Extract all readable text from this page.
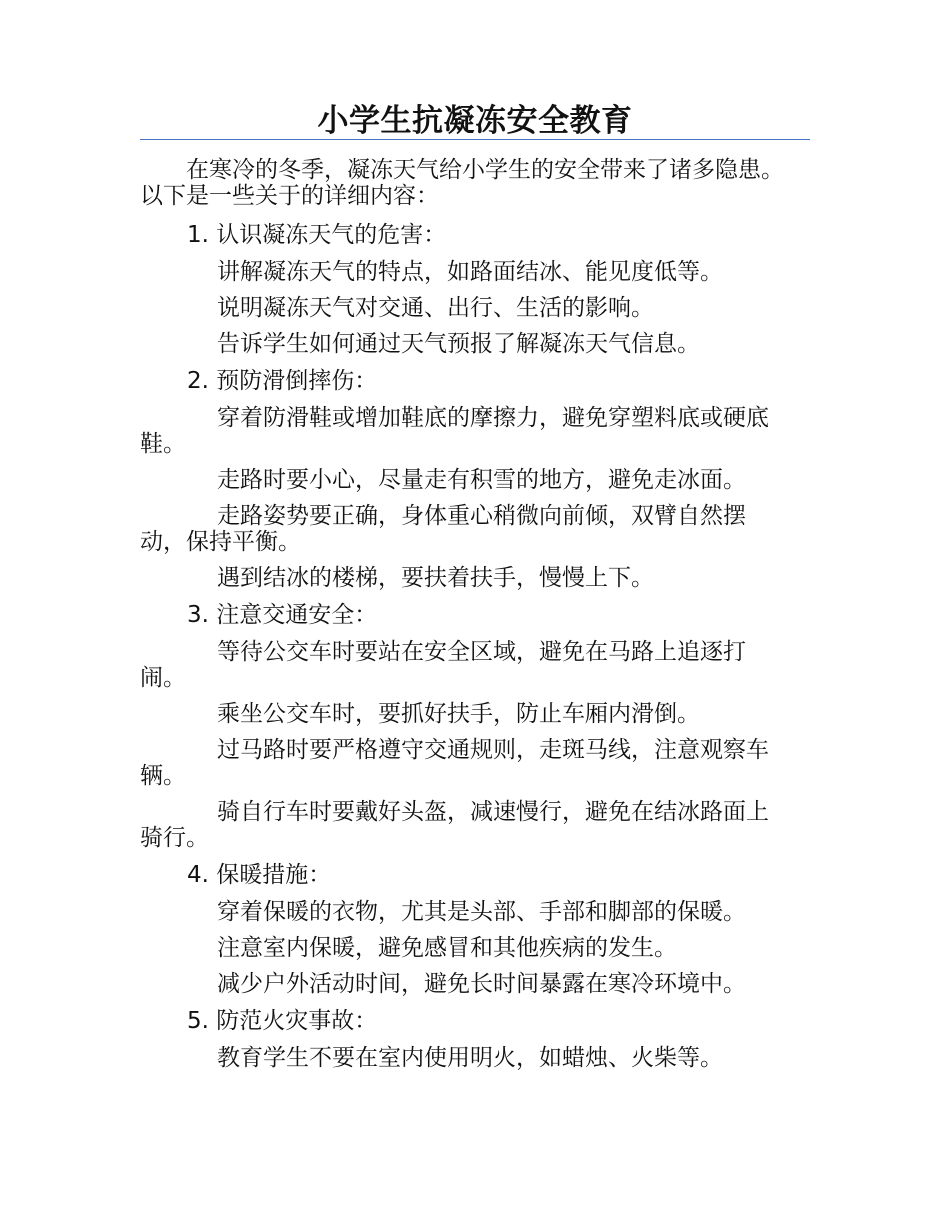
小学生抗凝冻安全教育

在寒冷的冬季，凝冻天气给小学生的安全带来了诸多隐患。以下是一些关于的详细内容：

1. 认识凝冻天气的危害：

讲解凝冻天气的特点，如路面结冰、能见度低等。

说明凝冻天气对交通、出行、生活的影响。

告诉学生如何通过天气预报了解凝冻天气信息。

2. 预防滑倒摔伤：

穿着防滑鞋或增加鞋底的摩擦力，避免穿塑料底或硬底鞋。

走路时要小心，尽量走有积雪的地方，避免走冰面。

走路姿势要正确，身体重心稍微向前倾，双臂自然摆动，保持平衡。

遇到结冰的楼梯，要扶着扶手，慢慢上下。

3. 注意交通安全：

等待公交车时要站在安全区域，避免在马路上追逐打闹。

乘坐公交车时，要抓好扶手，防止车厢内滑倒。

过马路时要严格遵守交通规则，走斑马线，注意观察车辆。

骑自行车时要戴好头盔，减速慢行，避免在结冰路面上骑行。

4. 保暖措施：

穿着保暖的衣物，尤其是头部、手部和脚部的保暖。

注意室内保暖，避免感冒和其他疾病的发生。

减少户外活动时间，避免长时间暴露在寒冷环境中。

5. 防范火灾事故：

教育学生不要在室内使用明火，如蜡烛、火柴等。
